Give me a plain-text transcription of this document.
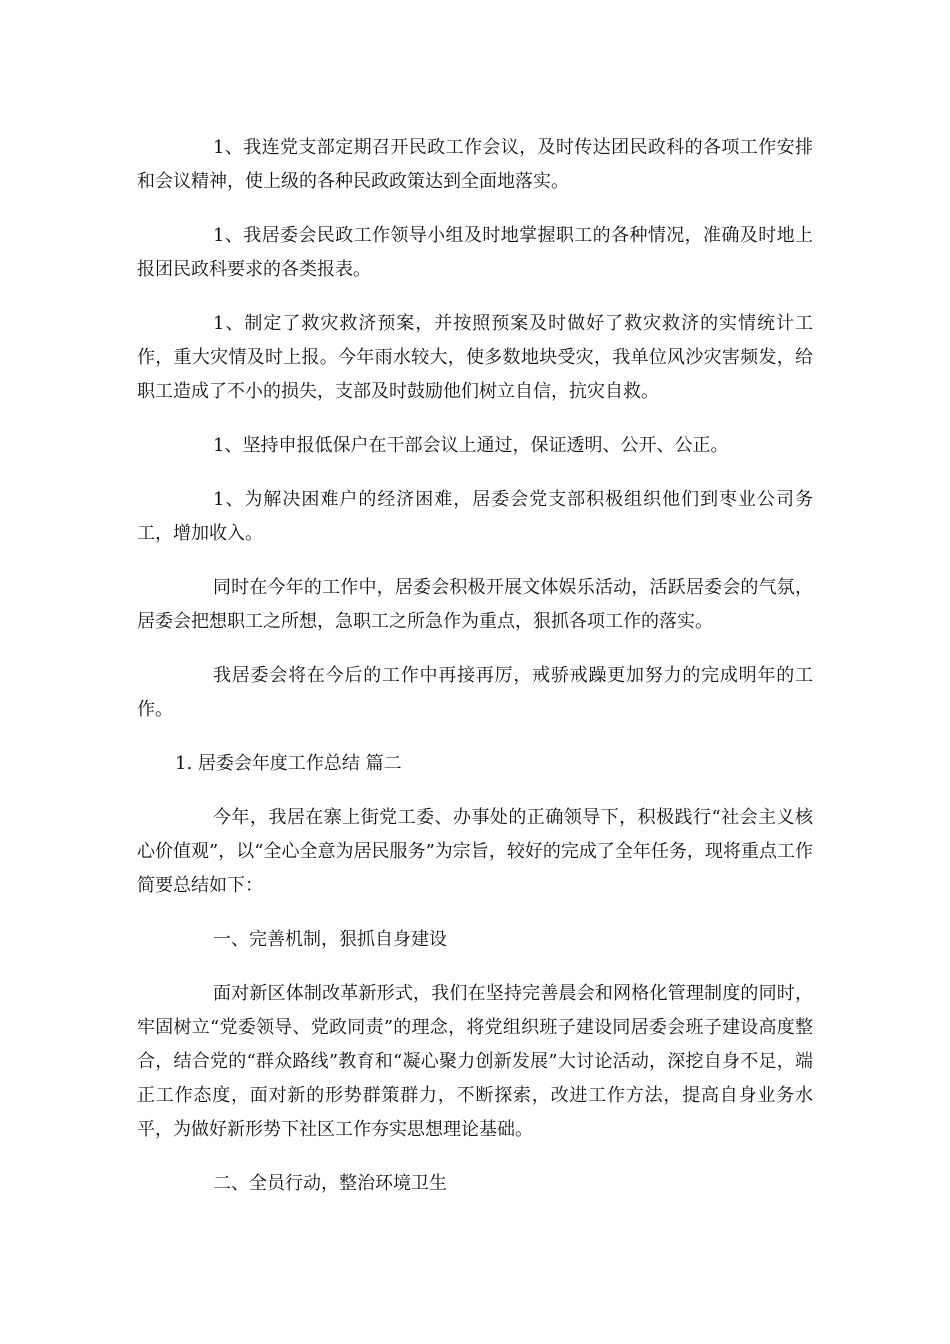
1、我连党支部定期召开民政工作会议，及时传达团民政科的各项工作安排和会议精神，使上级的各种民政政策达到全面地落实。

1、我居委会民政工作领导小组及时地掌握职工的各种情况，准确及时地上报团民政科要求的各类报表。

1、制定了救灾救济预案，并按照预案及时做好了救灾救济的实情统计工作，重大灾情及时上报。今年雨水较大，使多数地块受灾，我单位风沙灾害频发，给职工造成了不小的损失，支部及时鼓励他们树立自信，抗灾自救。

1、坚持申报低保户在干部会议上通过，保证透明、公开、公正。

1、为解决困难户的经济困难，居委会党支部积极组织他们到枣业公司务工，增加收入。

同时在今年的工作中，居委会积极开展文体娱乐活动，活跃居委会的气氛，居委会把想职工之所想，急职工之所急作为重点，狠抓各项工作的落实。

我居委会将在今后的工作中再接再厉，戒骄戒躁更加努力的完成明年的工作。

1. 居委会年度工作总结 篇二

今年，我居在寨上街党工委、办事处的正确领导下，积极践行“社会主义核心价值观”，以“全心全意为居民服务”为宗旨，较好的完成了全年任务，现将重点工作简要总结如下：

一、完善机制，狠抓自身建设

面对新区体制改革新形式，我们在坚持完善晨会和网格化管理制度的同时，牢固树立“党委领导、党政同责”的理念，将党组织班子建设同居委会班子建设高度整合，结合党的“群众路线”教育和“凝心聚力创新发展”大讨论活动，深挖自身不足，端正工作态度，面对新的形势群策群力，不断探索，改进工作方法，提高自身业务水平，为做好新形势下社区工作夯实思想理论基础。

二、全员行动，整治环境卫生
